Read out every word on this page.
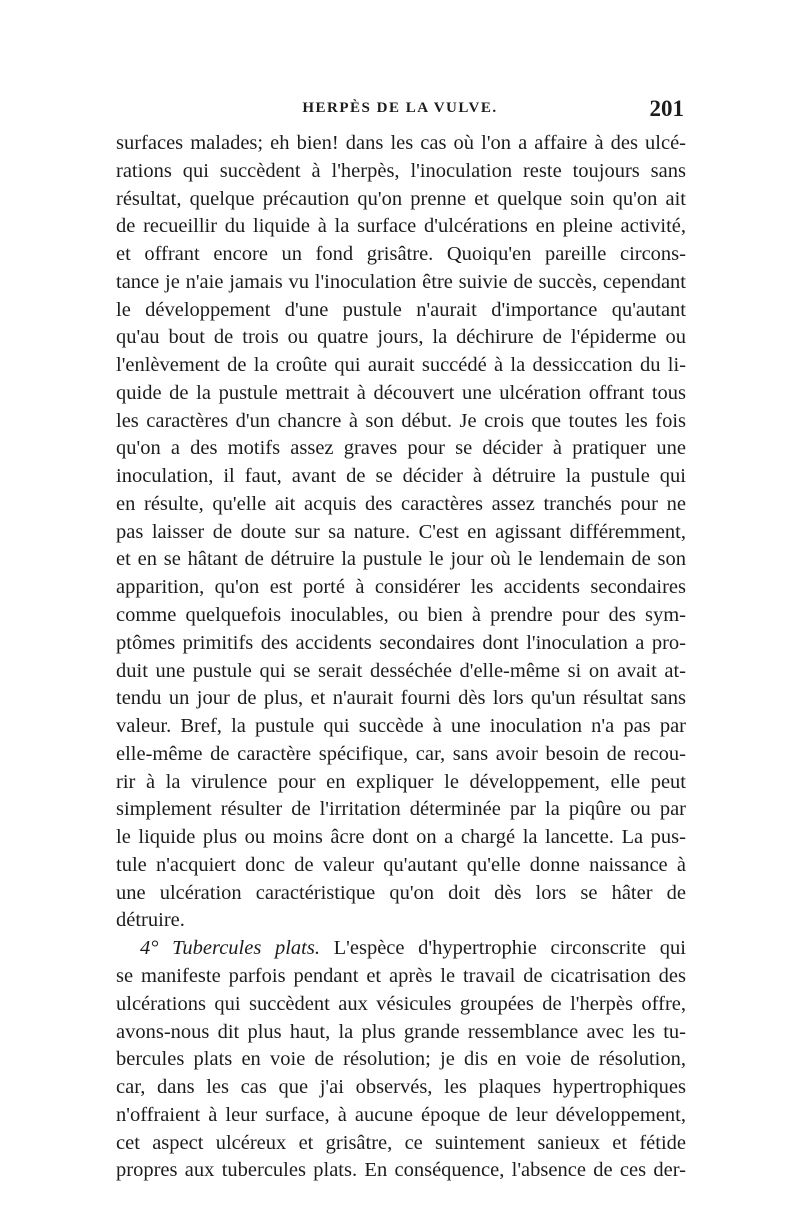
HERPÈS DE LA VULVE.	201
surfaces malades; eh bien! dans les cas où l'on a affaire à des ulcé-
rations qui succèdent à l'herpès, l'inoculation reste toujours sans
résultat, quelque précaution qu'on prenne et quelque soin qu'on ait
de recueillir du liquide à la surface d'ulcérations en pleine activité,
et offrant encore un fond grisâtre. Quoiqu'en pareille circons-
tance je n'aie jamais vu l'inoculation être suivie de succès, cependant
le développement d'une pustule n'aurait d'importance qu'autant
qu'au bout de trois ou quatre jours, la déchirure de l'épiderme ou
l'enlèvement de la croûte qui aurait succédé à la dessiccation du li-
quide de la pustule mettrait à découvert une ulcération offrant tous
les caractères d'un chancre à son début. Je crois que toutes les fois
qu'on a des motifs assez graves pour se décider à pratiquer une
inoculation, il faut, avant de se décider à détruire la pustule qui
en résulte, qu'elle ait acquis des caractères assez tranchés pour ne
pas laisser de doute sur sa nature. C'est en agissant différemment,
et en se hâtant de détruire la pustule le jour où le lendemain de son
apparition, qu'on est porté à considérer les accidents secondaires
comme quelquefois inoculables, ou bien à prendre pour des sym-
ptômes primitifs des accidents secondaires dont l'inoculation a pro-
duit une pustule qui se serait desséchée d'elle-même si on avait at-
tendu un jour de plus, et n'aurait fourni dès lors qu'un résultat sans
valeur. Bref, la pustule qui succède à une inoculation n'a pas par
elle-même de caractère spécifique, car, sans avoir besoin de recou-
rir à la virulence pour en expliquer le développement, elle peut
simplement résulter de l'irritation déterminée par la piqûre ou par
le liquide plus ou moins âcre dont on a chargé la lancette. La pus-
tule n'acquiert donc de valeur qu'autant qu'elle donne naissance à
une ulcération caractéristique qu'on doit dès lors se hâter de
détruire.
4° Tubercules plats. L'espèce d'hypertrophie circonscrite qui
se manifeste parfois pendant et après le travail de cicatrisation des
ulcérations qui succèdent aux vésicules groupées de l'herpès offre,
avons-nous dit plus haut, la plus grande ressemblance avec les tu-
bercules plats en voie de résolution; je dis en voie de résolution,
car, dans les cas que j'ai observés, les plaques hypertrophiques
n'offraient à leur surface, à aucune époque de leur développement,
cet aspect ulcéreux et grisâtre, ce suintement sanieux et fétide
propres aux tubercules plats. En conséquence, l'absence de ces der-
